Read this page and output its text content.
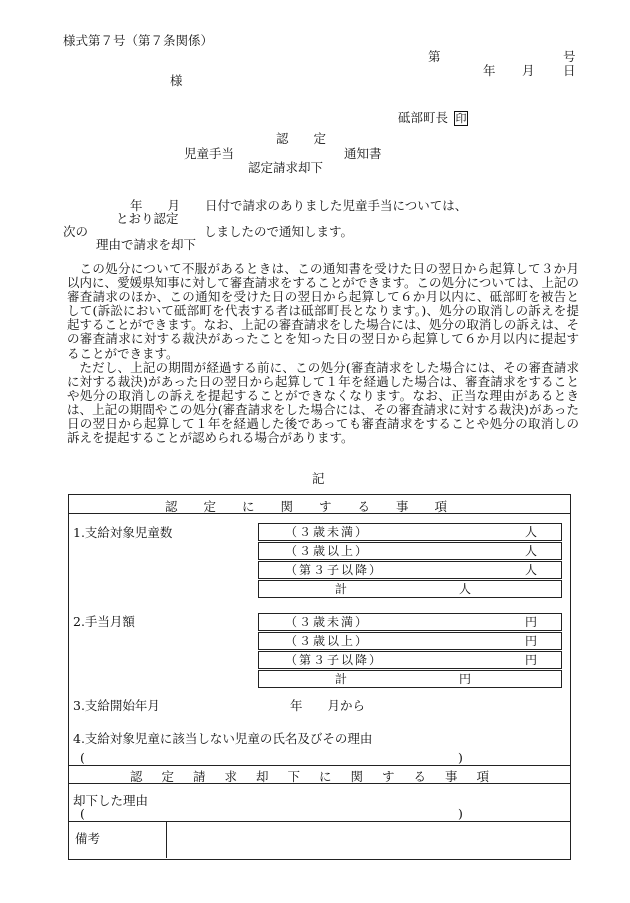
様式第７号（第７条関係）
第	号
年 月 日
様
砥部町長 印
認　　定
児童手当	通知書
認定請求却下
年　　月　　日付で請求のありました児童手当については、
とおり認定
次の	しましたので通知します。
理由で請求を却下

この処分について不服があるときは、この通知書を受けた日の翌日から起算して３か月以内に、愛媛県知事に対して審査請求をすることができます。この処分については、上記の審査請求のほか、この通知を受けた日の翌日から起算して６か月以内に、砥部町を被告として(訴訟において砥部町を代表する者は砥部町長となります。)、処分の取消しの訴えを提起することができます。なお、上記の審査請求をした場合には、処分の取消しの訴えは、その審査請求に対する裁決があったことを知った日の翌日から起算して６か月以内に提起することができます。

ただし、上記の期間が経過する前に、この処分(審査請求をした場合には、その審査請求に対する裁決)があった日の翌日から起算して１年を経過した場合は、審査請求をすることや処分の取消しの訴えを提起することができなくなります。なお、正当な理由があるときは、上記の期間やこの処分(審査請求をした場合には、その審査請求に対する裁決)があった日の翌日から起算して１年を経過した後であっても審査請求をすることや処分の取消しの訴えを提起することが認められる場合があります。

記
認定に関する事項
1.支給対象児童数	（３歳未満）	人
（３歳以上）	人
（第３子以降）	人
計	人
2.手当月額	（３歳未満）	円
（３歳以上）	円
（第３子以降）	円
計	円
3.支給開始年月	年　　月から
4.支給対象児童に該当しない児童の氏名及びその理由
(	)
認定請求却下に関する事項
却下した理由
(	)
備考
